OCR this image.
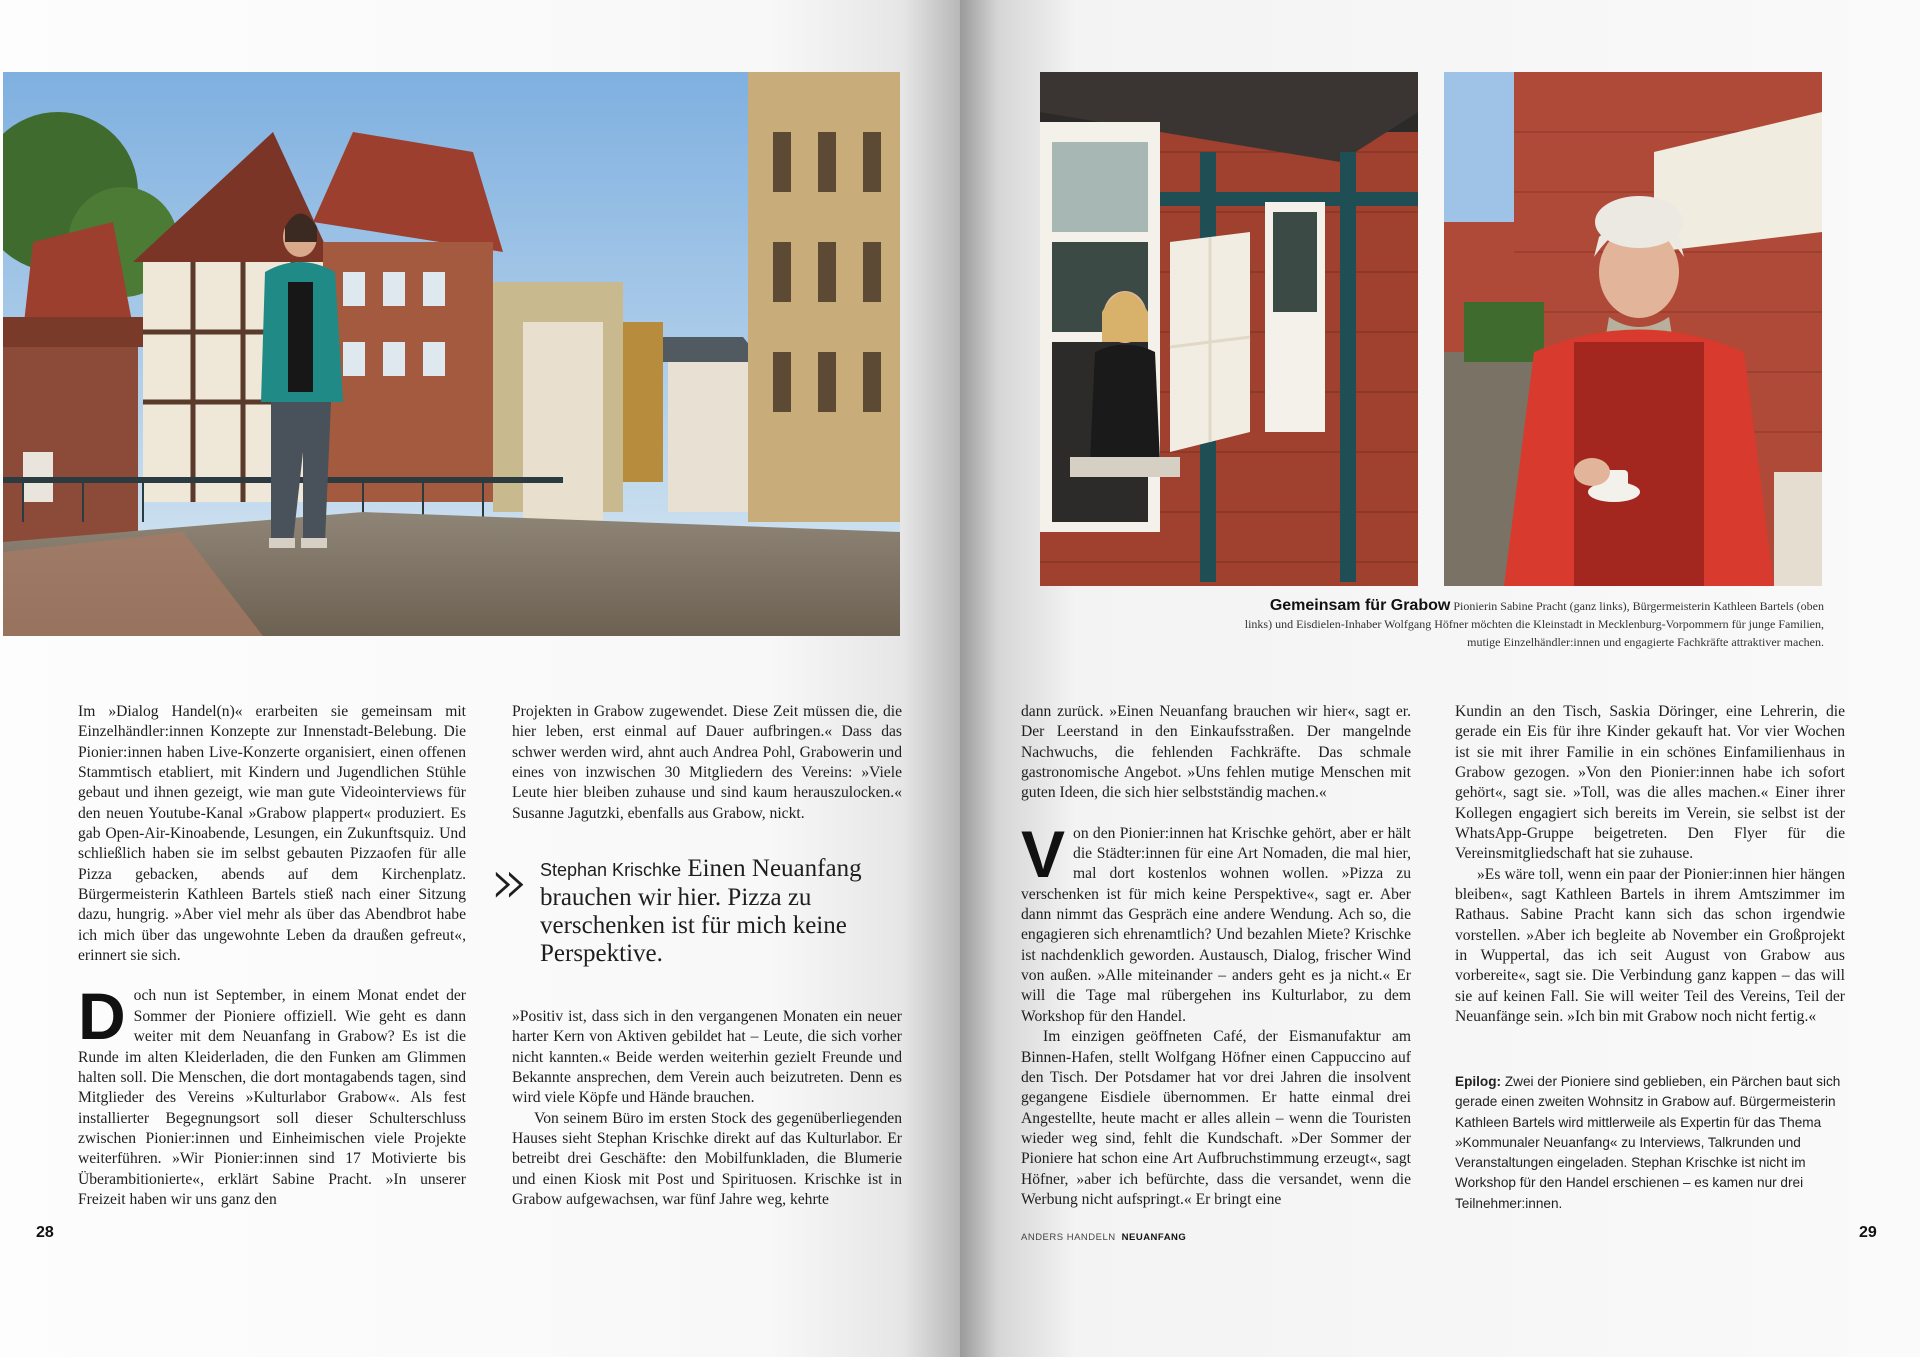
Im »Dialog Handel(n)« erarbeiten sie gemeinsam mit Einzelhändler:innen Konzepte zur Innenstadt-Belebung. Die Pionier:innen haben Live-Konzerte organisiert, einen offenen Stammtisch etabliert, mit Kindern und Jugendlichen Stühle gebaut und ihnen gezeigt, wie man gute Videointerviews für den neuen Youtube-Kanal »Grabow plappert« produziert. Es gab Open-Air-Kinoabende, Lesungen, ein Zukunftsquiz. Und schließlich haben sie im selbst gebauten Pizzaofen für alle Pizza gebacken, abends auf dem Kirchenplatz. Bürgermeisterin Kathleen Bartels stieß nach einer Sitzung dazu, hungrig. »Aber viel mehr als über das Abendbrot habe ich mich über das ungewohnte Leben da draußen gefreut«, erinnert sie sich.

Doch nun ist September, in einem Monat endet der Sommer der Pioniere offiziell. Wie geht es dann weiter mit dem Neuanfang in Grabow? Es ist die Runde im alten Kleiderladen, die den Funken am Glimmen halten soll. Die Menschen, die dort montagabends tagen, sind Mitglieder des Vereins »Kulturlabor Grabow«. Als fest installierter Begegnungsort soll dieser Schulterschluss zwischen Pionier:innen und Einheimischen viele Projekte weiterführen. »Wir Pionier:innen sind 17 Motivierte bis Überambitionierte«, erklärt Sabine Pracht. »In unserer Freizeit haben wir uns ganz den

Projekten in Grabow zugewendet. Diese Zeit müssen die, die hier leben, erst einmal auf Dauer aufbringen.« Dass das schwer werden wird, ahnt auch Andrea Pohl, Grabowerin und eines von inzwischen 30 Mitgliedern des Vereins: »Viele Leute hier bleiben zuhause und sind kaum herauszulocken.« Susanne Jagutzki, ebenfalls aus Grabow, nickt.

» Stephan Krischke Einen Neuanfang brauchen wir hier. Pizza zu verschenken ist für mich keine Perspektive.

»Positiv ist, dass sich in den vergangenen Monaten ein neuer harter Kern von Aktiven gebildet hat – Leute, die sich vorher nicht kannten.« Beide werden weiterhin gezielt Freunde und Bekannte ansprechen, dem Verein auch beizutreten. Denn es wird viele Köpfe und Hände brauchen.

Von seinem Büro im ersten Stock des gegenüberliegenden Hauses sieht Stephan Krischke direkt auf das Kulturlabor. Er betreibt drei Geschäfte: den Mobilfunkladen, die Blumerie und einen Kiosk mit Post und Spirituosen. Krischke ist in Grabow aufgewachsen, war fünf Jahre weg, kehrte

28
Gemeinsam für Grabow Pionierin Sabine Pracht (ganz links), Bürgermeisterin Kathleen Bartels (oben links) und Eisdielen-Inhaber Wolfgang Höfner möchten die Kleinstadt in Mecklenburg-Vorpommern für junge Familien, mutige Einzelhändler:innen und engagierte Fachkräfte attraktiver machen.

dann zurück. »Einen Neuanfang brauchen wir hier«, sagt er. Der Leerstand in den Einkaufsstraßen. Der mangelnde Nachwuchs, die fehlenden Fachkräfte. Das schmale gastronomische Angebot. »Uns fehlen mutige Menschen mit guten Ideen, die sich hier selbstständig machen.«

Von den Pionier:innen hat Krischke gehört, aber er hält die Städter:innen für eine Art Nomaden, die mal hier, mal dort kostenlos wohnen wollen. »Pizza zu verschenken ist für mich keine Perspektive«, sagt er. Aber dann nimmt das Gespräch eine andere Wendung. Ach so, die engagieren sich ehrenamtlich? Und bezahlen Miete? Krischke ist nachdenklich geworden. Austausch, Dialog, frischer Wind von außen. »Alle miteinander – anders geht es ja nicht.« Er will die Tage mal rübergehen ins Kulturlabor, zu dem Workshop für den Handel.

Im einzigen geöffneten Café, der Eismanufaktur am Binnen-Hafen, stellt Wolfgang Höfner einen Cappuccino auf den Tisch. Der Potsdamer hat vor drei Jahren die insolvent gegangene Eisdiele übernommen. Er hatte einmal drei Angestellte, heute macht er alles allein – wenn die Touristen wieder weg sind, fehlt die Kundschaft. »Der Sommer der Pioniere hat schon eine Art Aufbruchstimmung erzeugt«, sagt Höfner, »aber ich befürchte, dass die versandet, wenn die Werbung nicht aufspringt.« Er bringt eine

Kundin an den Tisch, Saskia Döringer, eine Lehrerin, die gerade ein Eis für ihre Kinder gekauft hat. Vor vier Wochen ist sie mit ihrer Familie in ein schönes Einfamilienhaus in Grabow gezogen. »Von den Pionier:innen habe ich sofort gehört«, sagt sie. »Toll, was die alles machen.« Einer ihrer Kollegen engagiert sich bereits im Verein, sie selbst ist der WhatsApp-Gruppe beigetreten. Den Flyer für die Vereinsmitgliedschaft hat sie zuhause.

»Es wäre toll, wenn ein paar der Pionier:innen hier hängen bleiben«, sagt Kathleen Bartels in ihrem Amtszimmer im Rathaus. Sabine Pracht kann sich das schon irgendwie vorstellen. »Aber ich begleite ab November ein Großprojekt in Wuppertal, das ich seit August von Grabow aus vorbereite«, sagt sie. Die Verbindung ganz kappen – das will sie auf keinen Fall. Sie will weiter Teil des Vereins, Teil der Neuanfänge sein. »Ich bin mit Grabow noch nicht fertig.«

Epilog: Zwei der Pioniere sind geblieben, ein Pärchen baut sich gerade einen zweiten Wohnsitz in Grabow auf. Bürgermeisterin Kathleen Bartels wird mittlerweile als Expertin für das Thema »Kommunaler Neuanfang« zu Interviews, Talkrunden und Veranstaltungen eingeladen. Stephan Krischke ist nicht im Workshop für den Handel erschienen – es kamen nur drei Teilnehmer:innen.
ANDERS HANDELN NEUANFANG	29
